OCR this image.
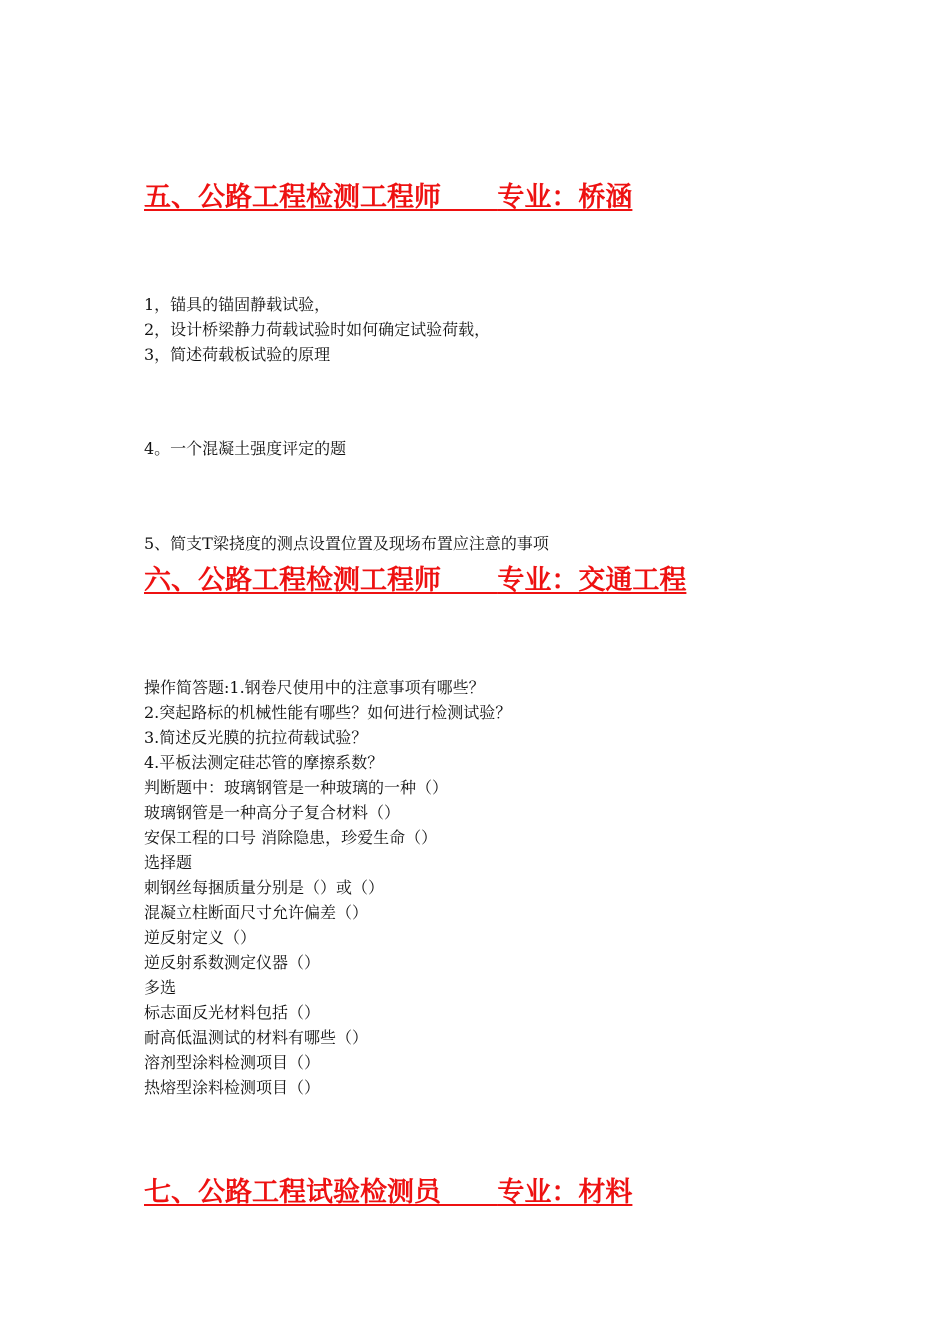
五、公路工程检测工程师 专业：桥涵
1，锚具的锚固静载试验，
2，设计桥梁静力荷载试验时如何确定试验荷载，
3，简述荷载板试验的原理
4。一个混凝土强度评定的题
5、简支T梁挠度的测点设置位置及现场布置应注意的事项
六、公路工程检测工程师 专业：交通工程
操作简答题:1.钢卷尺使用中的注意事项有哪些？
2.突起路标的机械性能有哪些？如何进行检测试验？
3.简述反光膜的抗拉荷载试验？
4.平板法测定硅芯管的摩擦系数？
判断题中：玻璃钢管是一种玻璃的一种（）
玻璃钢管是一种高分子复合材料（）
安保工程的口号 消除隐患，珍爱生命（）
选择题
刺钢丝每捆质量分别是（）或（）
混凝立柱断面尺寸允许偏差（）
逆反射定义（）
逆反射系数测定仪器（）
多选
标志面反光材料包括（）
耐高低温测试的材料有哪些（）
溶剂型涂料检测项目（）
热熔型涂料检测项目（）
七、公路工程试验检测员 专业：材料
